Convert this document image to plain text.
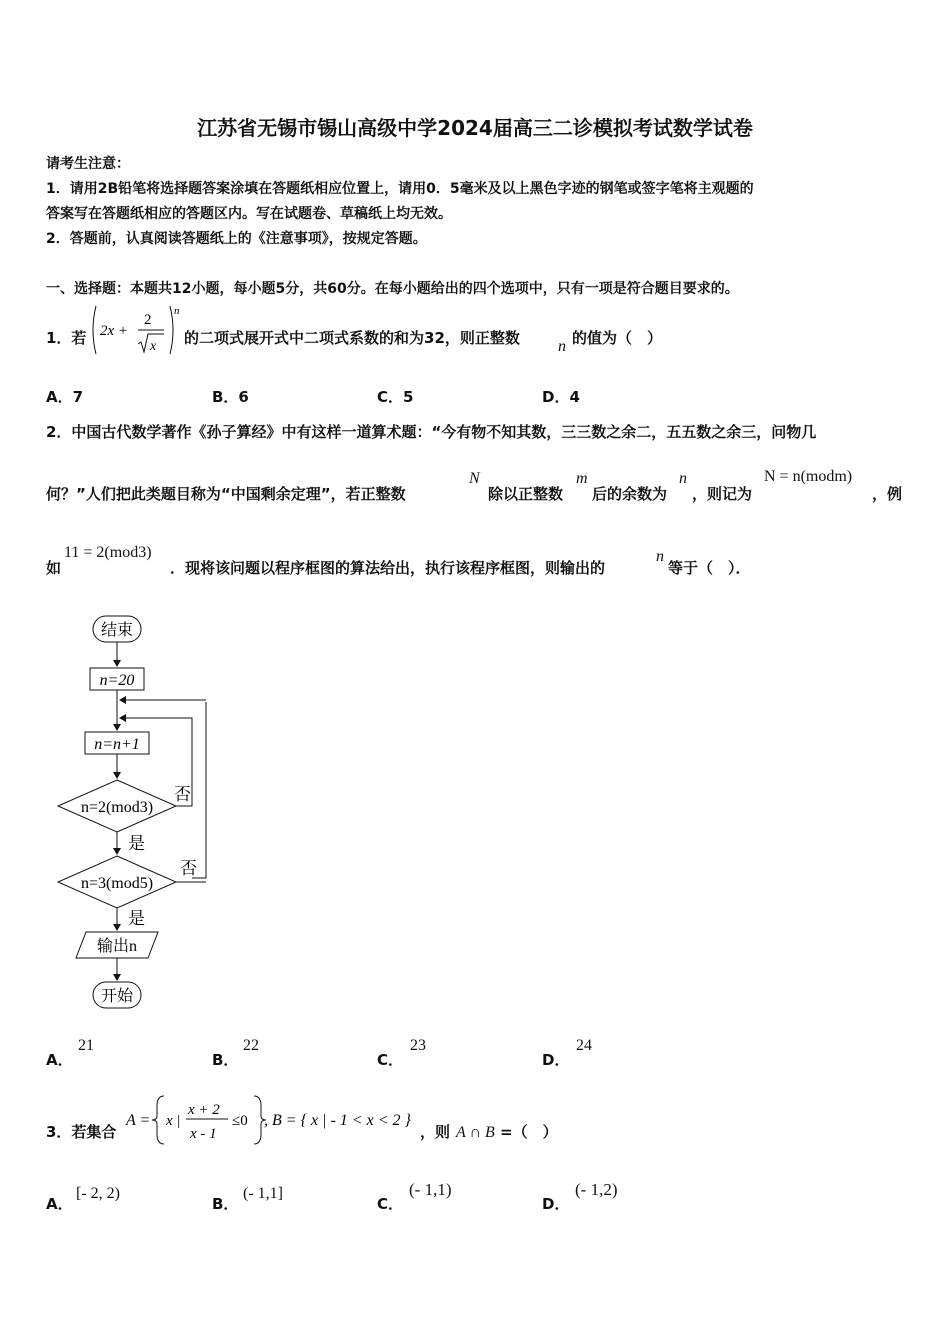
江苏省无锡市锡山高级中学2024届高三二诊模拟考试数学试卷
请考生注意：
1．请用2B铅笔将选择题答案涂填在答题纸相应位置上，请用0．5毫米及以上黑色字迹的钢笔或签字笔将主观题的
答案写在答题纸相应的答题区内。写在试题卷、草稿纸上均无效。
2．答题前，认真阅读答题纸上的《注意事项》，按规定答题。
一、选择题：本题共12小题，每小题5分，共60分。在每小题给出的四个选项中，只有一项是符合题目要求的。
1．若 2x +
2
x
n
的二项式展开式中二项式系数的和为32，则正整数 n 的值为（　）
A．7	B．6	C．5	D．4
2．中国古代数学著作《孙子算经》中有这样一道算术题：“今有物不知其数，三三数之余二，五五数之余三，问物几
何？”人们把此类题目称为“中国剩余定理”，若正整数
N
除以正整数
m
后的余数为
n
，则记为
N = n(modm)
，例
如
11 = 2(mod3)
．现将该问题以程序框图的算法给出，执行该程序框图，则输出的
n
等于（　）．
结束
n=20
n=n+1
n=2(mod3)
否
是
n=3(mod5)
否
是
输出n
开始
A．
21
B．
22
C．
23
D．
24
3．若集合
A = x |
x + 2
x - 1
≤0 , B = { x | - 1 < x < 2 }
，则 A ∩ B =（　）
A．
[- 2, 2)
B．
(- 1,1]
C．
(- 1,1)
D．
(- 1,2)
